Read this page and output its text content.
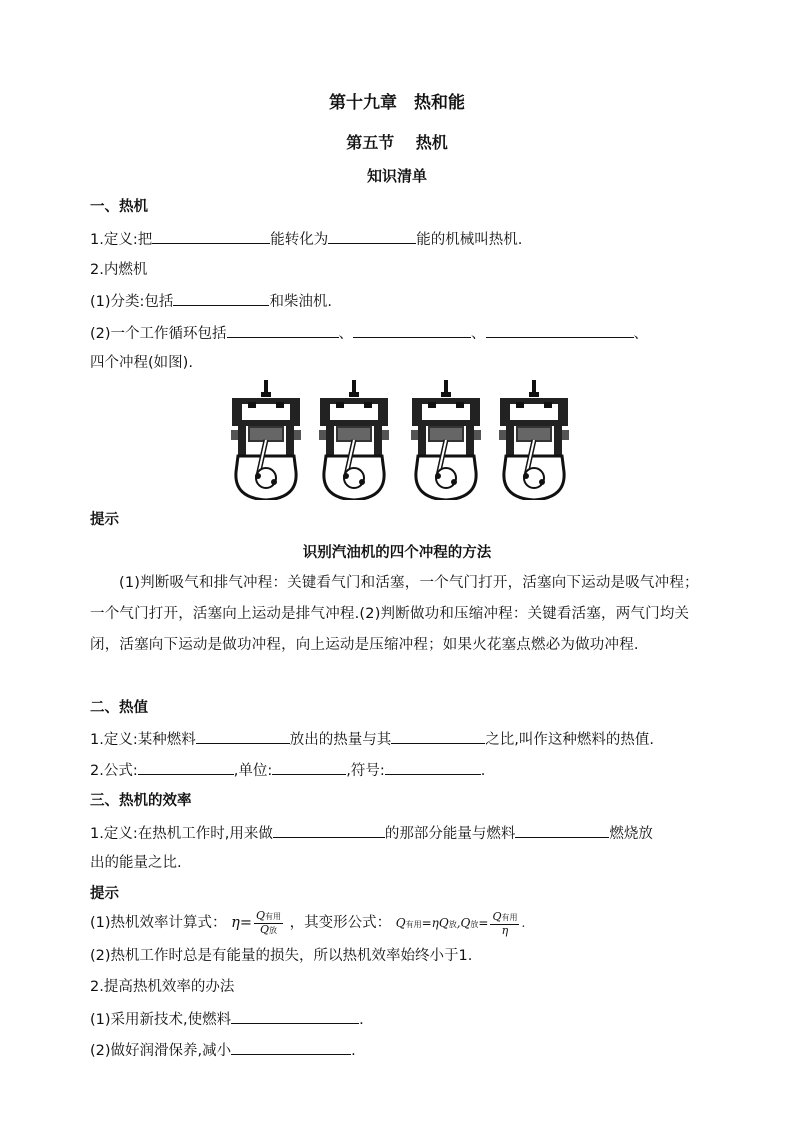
第十九章　热和能
第五节　 热机
知识清单
一、热机
1.定义:把	能转化为	能的机械叫热机.
2.内燃机
(1)分类:包括	和柴油机.
(2)一个工作循环包括	、	、	、
四个冲程(如图).
提示
识别汽油机的四个冲程的方法
(1)判断吸气和排气冲程：关键看气门和活塞，一个气门打开，活塞向下运动是吸气冲程；一个气门打开，活塞向上运动是排气冲程.(2)判断做功和压缩冲程：关键看活塞，两气门均关闭，活塞向下运动是做功冲程，向上运动是压缩冲程；如果火花塞点燃必为做功冲程.
二、热值
1.定义:某种燃料	放出的热量与其	之比,叫作这种燃料的热值.
2.公式:	,单位:	,符号:	.
三、热机的效率
1.定义:在热机工作时,用来做	的那部分能量与燃料	燃烧放
出的能量之比.
提示
(1)热机效率计算式： $\eta= \frac{\text{Q有用}}{\text{Q放}}$ ，其变形公式： Q有用=ηQ放,Q放= $\frac{\text{Q有用}}{\eta}$ .
(2)热机工作时总是有能量的损失，所以热机效率始终小于1.
2.提高热机效率的办法
(1)采用新技术,使燃料	.
(2)做好润滑保养,减小	.
